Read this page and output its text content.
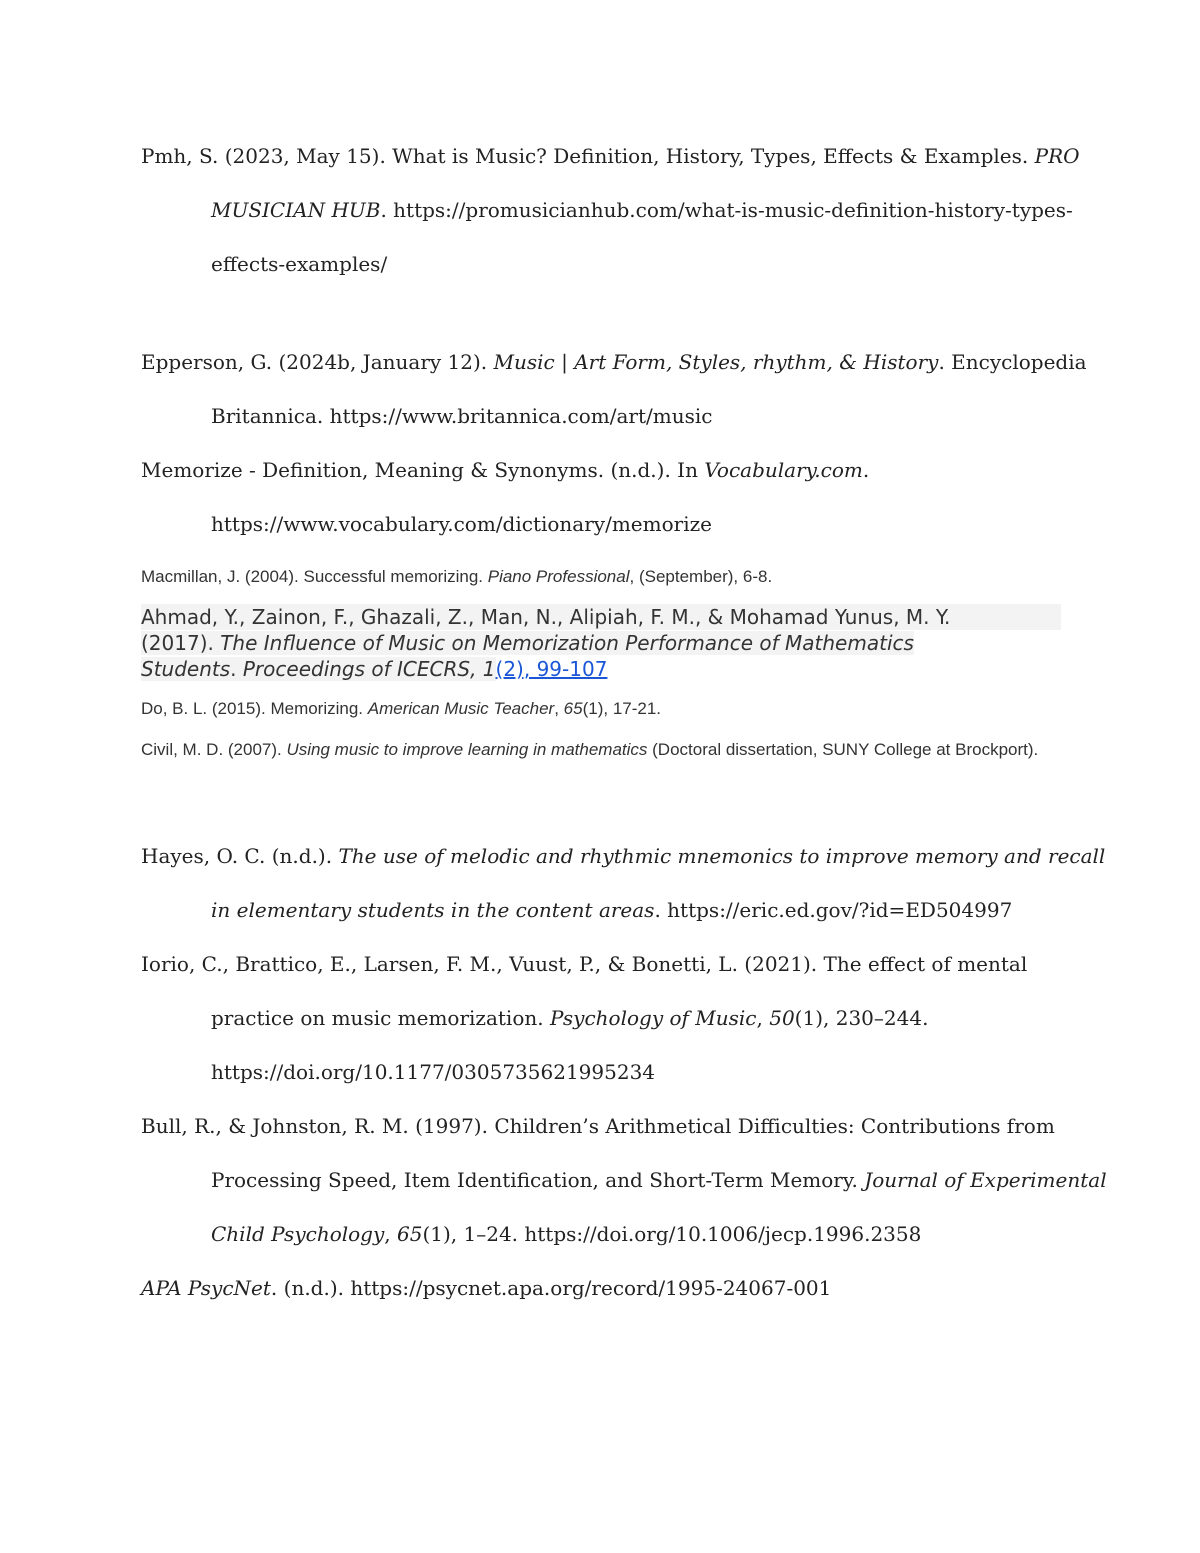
Pmh, S. (2023, May 15). What is Music? Definition, History, Types, Effects & Examples. PRO
MUSICIAN HUB. https://promusicianhub.com/what-is-music-definition-history-types-
effects-examples/
Epperson, G. (2024b, January 12). Music | Art Form, Styles, rhythm, & History. Encyclopedia
Britannica. https://www.britannica.com/art/music
Memorize - Definition, Meaning & Synonyms. (n.d.). In Vocabulary.com.
https://www.vocabulary.com/dictionary/memorize
Macmillan, J. (2004). Successful memorizing. Piano Professional, (September), 6-8.
Ahmad, Y., Zainon, F., Ghazali, Z., Man, N., Alipiah, F. M., & Mohamad Yunus, M. Y.
(2017). The Influence of Music on Memorization Performance of Mathematics
Students. Proceedings of ICECRS, 1(2), 99-107
Do, B. L. (2015). Memorizing. American Music Teacher, 65(1), 17-21.
Civil, M. D. (2007). Using music to improve learning in mathematics (Doctoral dissertation, SUNY College at Brockport).
Hayes, O. C. (n.d.). The use of melodic and rhythmic mnemonics to improve memory and recall
in elementary students in the content areas. https://eric.ed.gov/?id=ED504997
Iorio, C., Brattico, E., Larsen, F. M., Vuust, P., & Bonetti, L. (2021). The effect of mental
practice on music memorization. Psychology of Music, 50(1), 230–244.
https://doi.org/10.1177/0305735621995234
Bull, R., & Johnston, R. M. (1997). Children’s Arithmetical Difficulties: Contributions from
Processing Speed, Item Identification, and Short-Term Memory. Journal of Experimental
Child Psychology, 65(1), 1–24. https://doi.org/10.1006/jecp.1996.2358
APA PsycNet. (n.d.). https://psycnet.apa.org/record/1995-24067-001
